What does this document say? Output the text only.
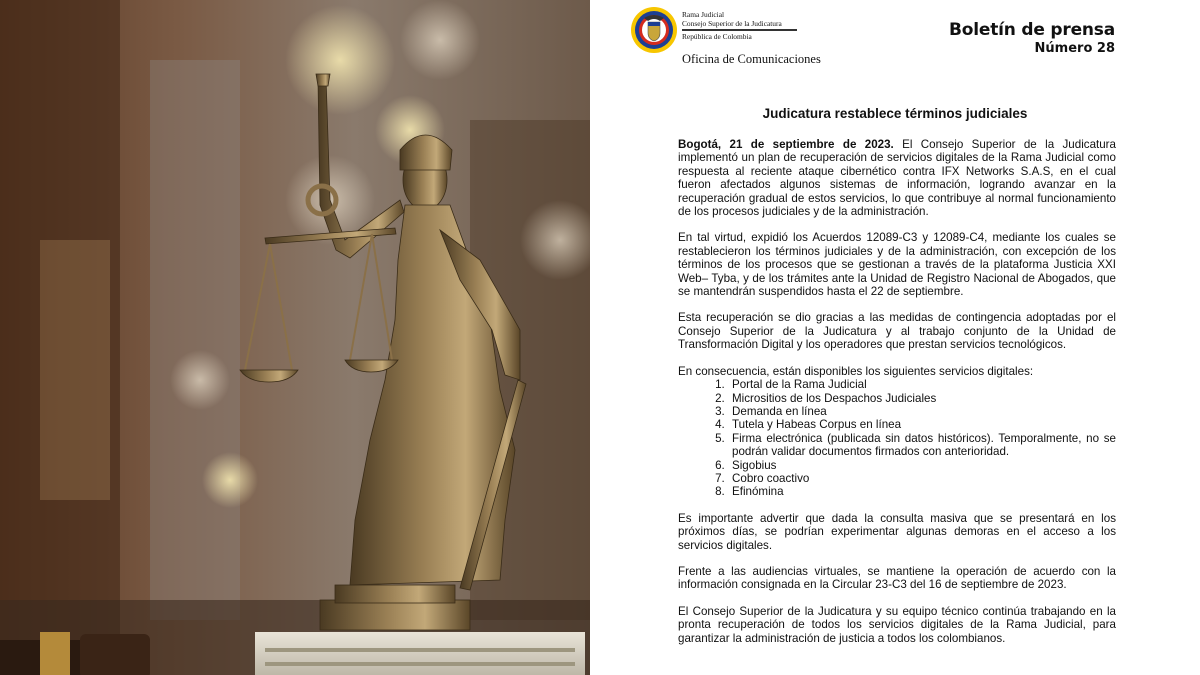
Rama Judicial
Consejo Superior de la Judicatura
República de Colombia
Oficina de Comunicaciones
Boletín de prensa
Número 28
Judicatura restablece términos judiciales

Bogotá, 21 de septiembre de 2023. El Consejo Superior de la Judicatura implementó un plan de recuperación de servicios digitales de la Rama Judicial como respuesta al reciente ataque cibernético contra IFX Networks S.A.S, en el cual fueron afectados algunos sistemas de información, logrando avanzar en la recuperación gradual de estos servicios, lo que contribuye al normal funcionamiento de los procesos judiciales y de la administración.

En tal virtud, expidió los Acuerdos 12089-C3 y 12089-C4, mediante los cuales se restablecieron los términos judiciales y de la administración, con excepción de los términos de los procesos que se gestionan a través de la plataforma Justicia XXI Web– Tyba, y de los trámites ante la Unidad de Registro Nacional de Abogados, que se mantendrán suspendidos hasta el 22 de septiembre.

Esta recuperación se dio gracias a las medidas de contingencia adoptadas por el Consejo Superior de la Judicatura y al trabajo conjunto de la Unidad de Transformación Digital y los operadores que prestan servicios tecnológicos.

En consecuencia, están disponibles los siguientes servicios digitales:

1. Portal de la Rama Judicial
2. Micrositios de los Despachos Judiciales
3. Demanda en línea
4. Tutela y Habeas Corpus en línea
5. Firma electrónica (publicada sin datos históricos). Temporalmente, no se podrán validar documentos firmados con anterioridad.
6. Sigobius
7. Cobro coactivo
8. Efinómina

Es importante advertir que dada la consulta masiva que se presentará en los próximos días, se podrían experimentar algunas demoras en el acceso a los servicios digitales.

Frente a las audiencias virtuales, se mantiene la operación de acuerdo con la información consignada en la Circular 23-C3 del 16 de septiembre de 2023.

El Consejo Superior de la Judicatura y su equipo técnico continúa trabajando en la pronta recuperación de todos los servicios digitales de la Rama Judicial, para garantizar la administración de justicia a todos los colombianos.
